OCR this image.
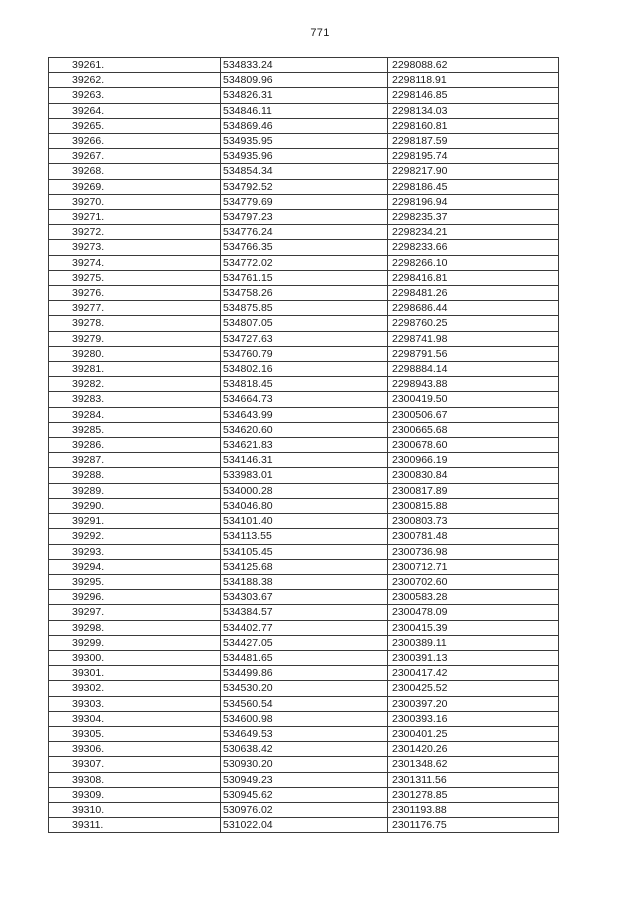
771
39261.	534833.24	2298088.62
39262.	534809.96	2298118.91
39263.	534826.31	2298146.85
39264.	534846.11	2298134.03
39265.	534869.46	2298160.81
39266.	534935.95	2298187.59
39267.	534935.96	2298195.74
39268.	534854.34	2298217.90
39269.	534792.52	2298186.45
39270.	534779.69	2298196.94
39271.	534797.23	2298235.37
39272.	534776.24	2298234.21
39273.	534766.35	2298233.66
39274.	534772.02	2298266.10
39275.	534761.15	2298416.81
39276.	534758.26	2298481.26
39277.	534875.85	2298686.44
39278.	534807.05	2298760.25
39279.	534727.63	2298741.98
39280.	534760.79	2298791.56
39281.	534802.16	2298884.14
39282.	534818.45	2298943.88
39283.	534664.73	2300419.50
39284.	534643.99	2300506.67
39285.	534620.60	2300665.68
39286.	534621.83	2300678.60
39287.	534146.31	2300966.19
39288.	533983.01	2300830.84
39289.	534000.28	2300817.89
39290.	534046.80	2300815.88
39291.	534101.40	2300803.73
39292.	534113.55	2300781.48
39293.	534105.45	2300736.98
39294.	534125.68	2300712.71
39295.	534188.38	2300702.60
39296.	534303.67	2300583.28
39297.	534384.57	2300478.09
39298.	534402.77	2300415.39
39299.	534427.05	2300389.11
39300.	534481.65	2300391.13
39301.	534499.86	2300417.42
39302.	534530.20	2300425.52
39303.	534560.54	2300397.20
39304.	534600.98	2300393.16
39305.	534649.53	2300401.25
39306.	530638.42	2301420.26
39307.	530930.20	2301348.62
39308.	530949.23	2301311.56
39309.	530945.62	2301278.85
39310.	530976.02	2301193.88
39311.	531022.04	2301176.75
